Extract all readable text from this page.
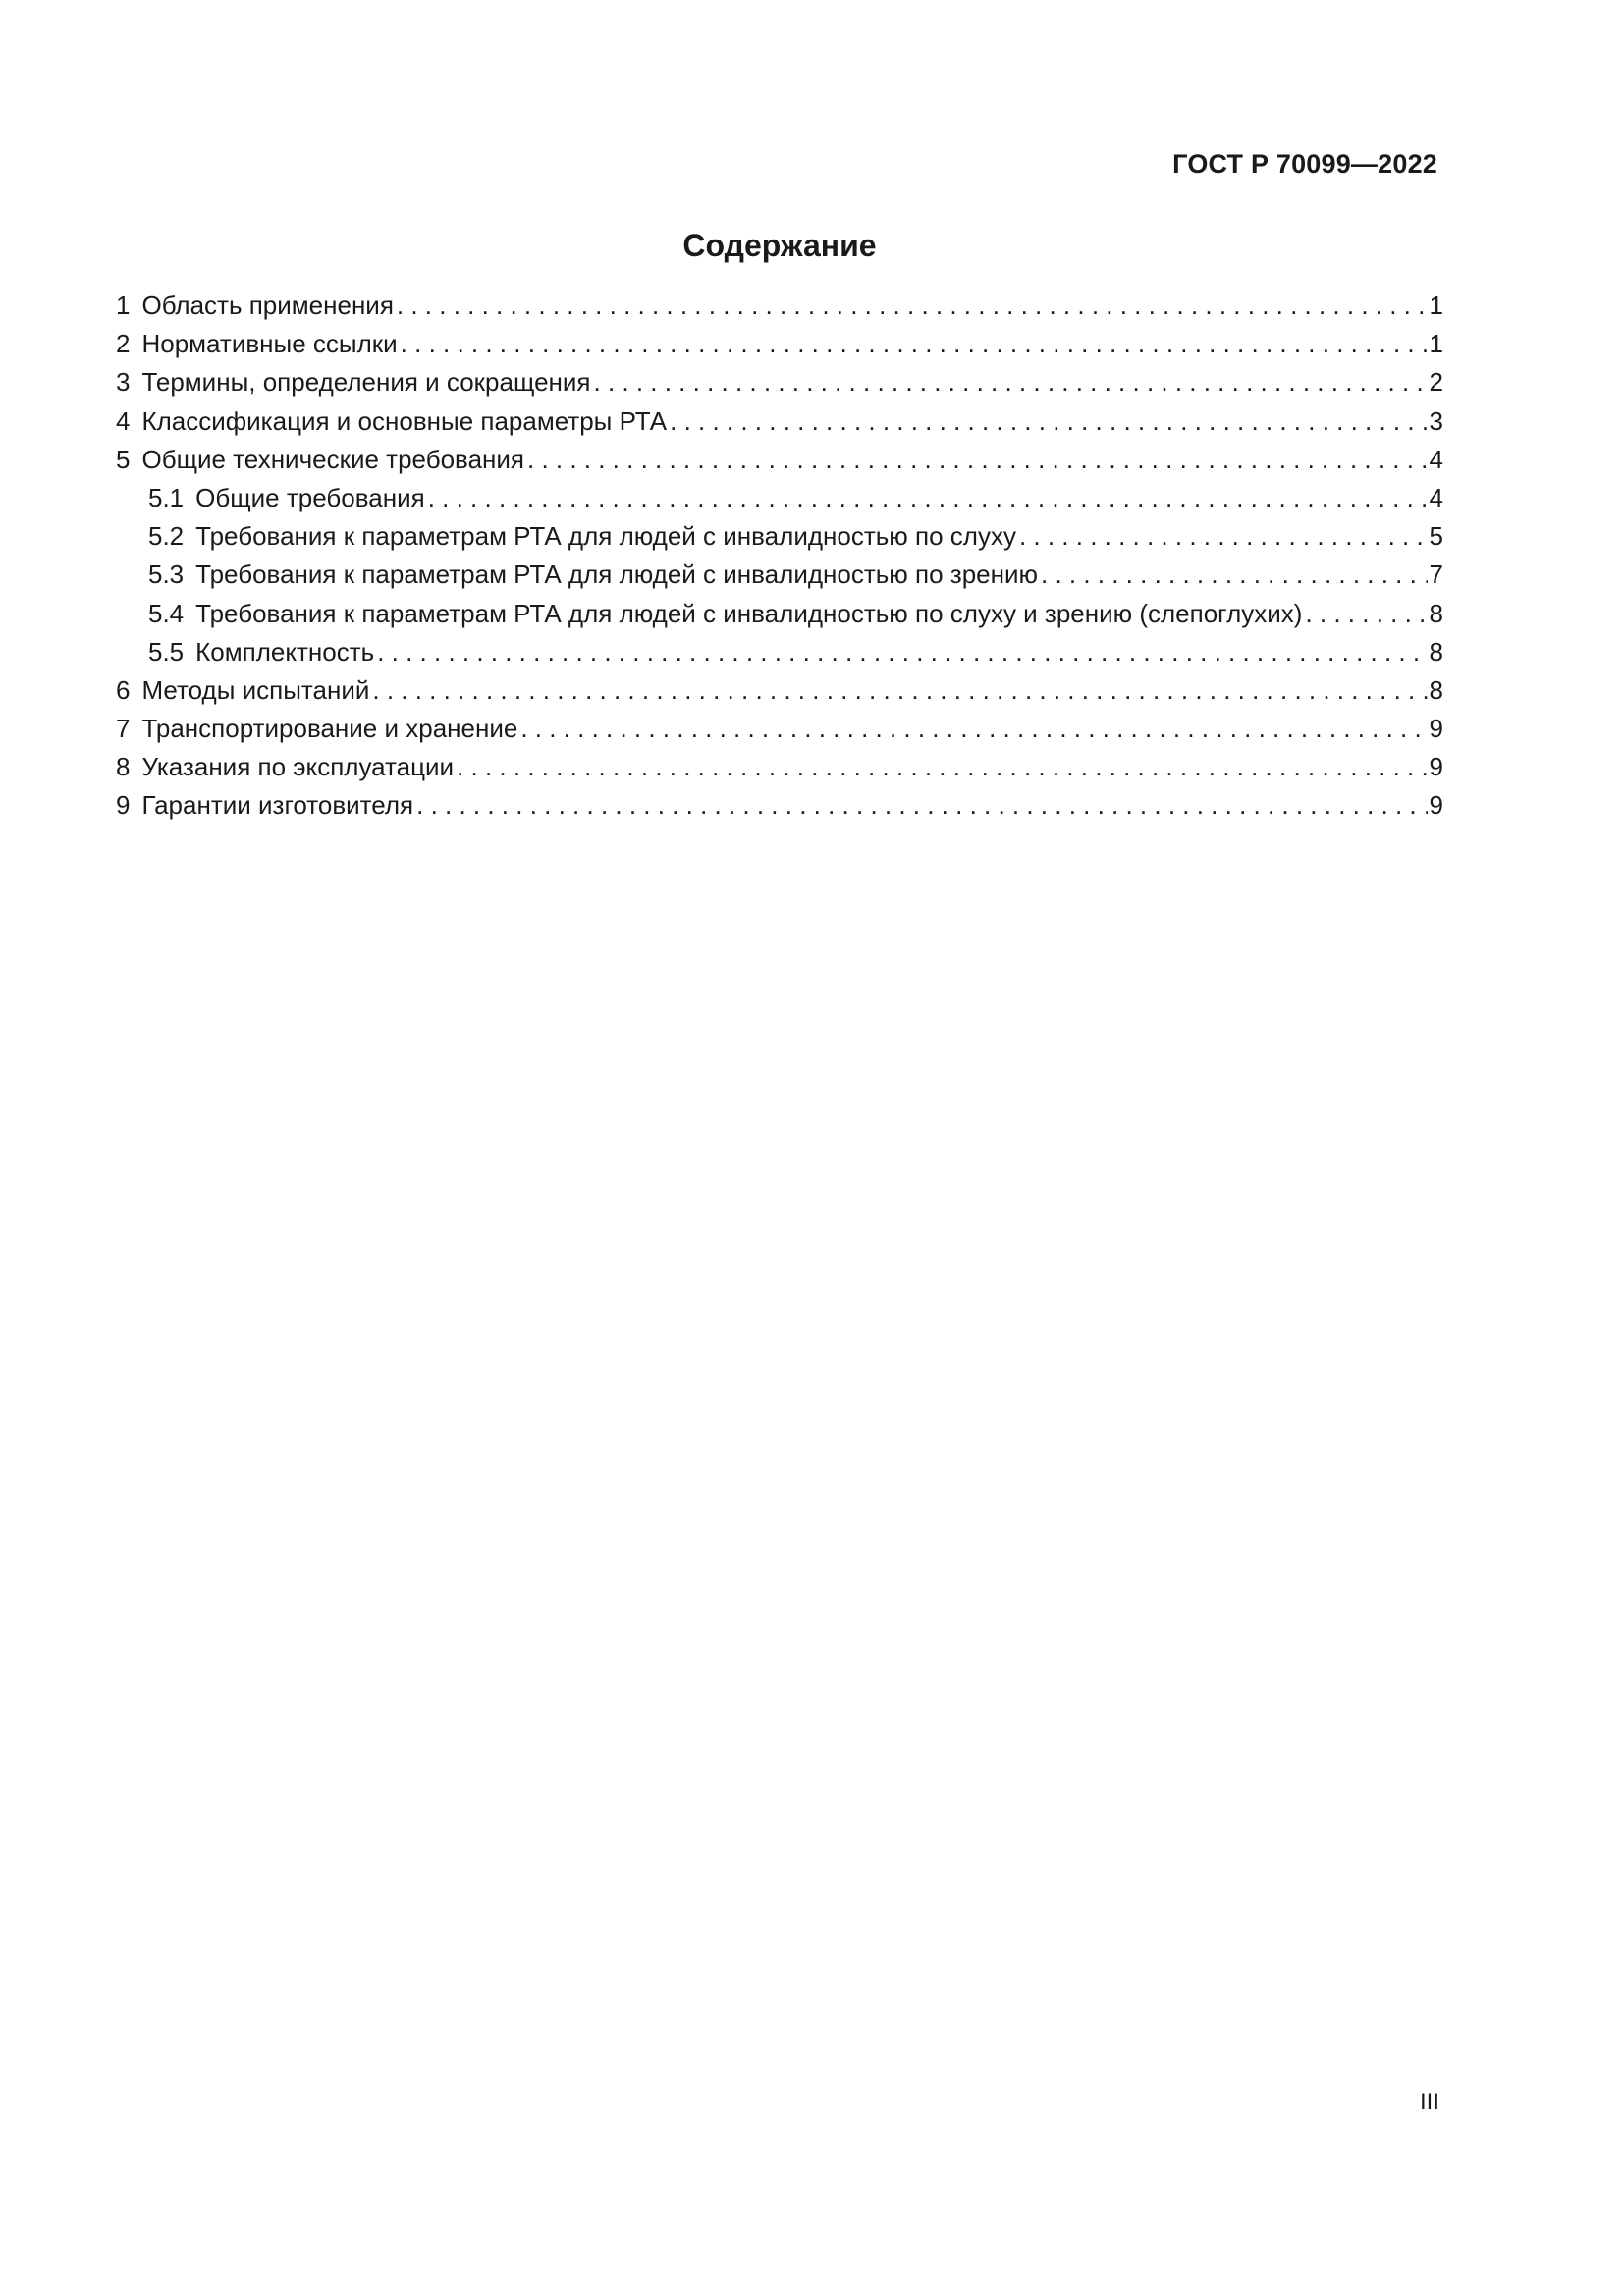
ГОСТ Р 70099—2022
Содержание
1 Область применения . . .	1
2 Нормативные ссылки . . .	1
3 Термины, определения и сокращения . . .	2
4 Классификация и основные параметры РТА . . .	3
5 Общие технические требования . . .	4
5.1 Общие требования . . .	4
5.2 Требования к параметрам РТА для людей с инвалидностью по слуху . . .	5
5.3 Требования к параметрам РТА для людей с инвалидностью по зрению . . .	7
5.4 Требования к параметрам РТА для людей с инвалидностью по слуху и зрению (слепоглухих) . . .	8
5.5 Комплектность . . .	8
6 Методы испытаний . . .	8
7 Транспортирование и хранение . . .	9
8 Указания по эксплуатации . . .	9
9 Гарантии изготовителя . . .	9
III
